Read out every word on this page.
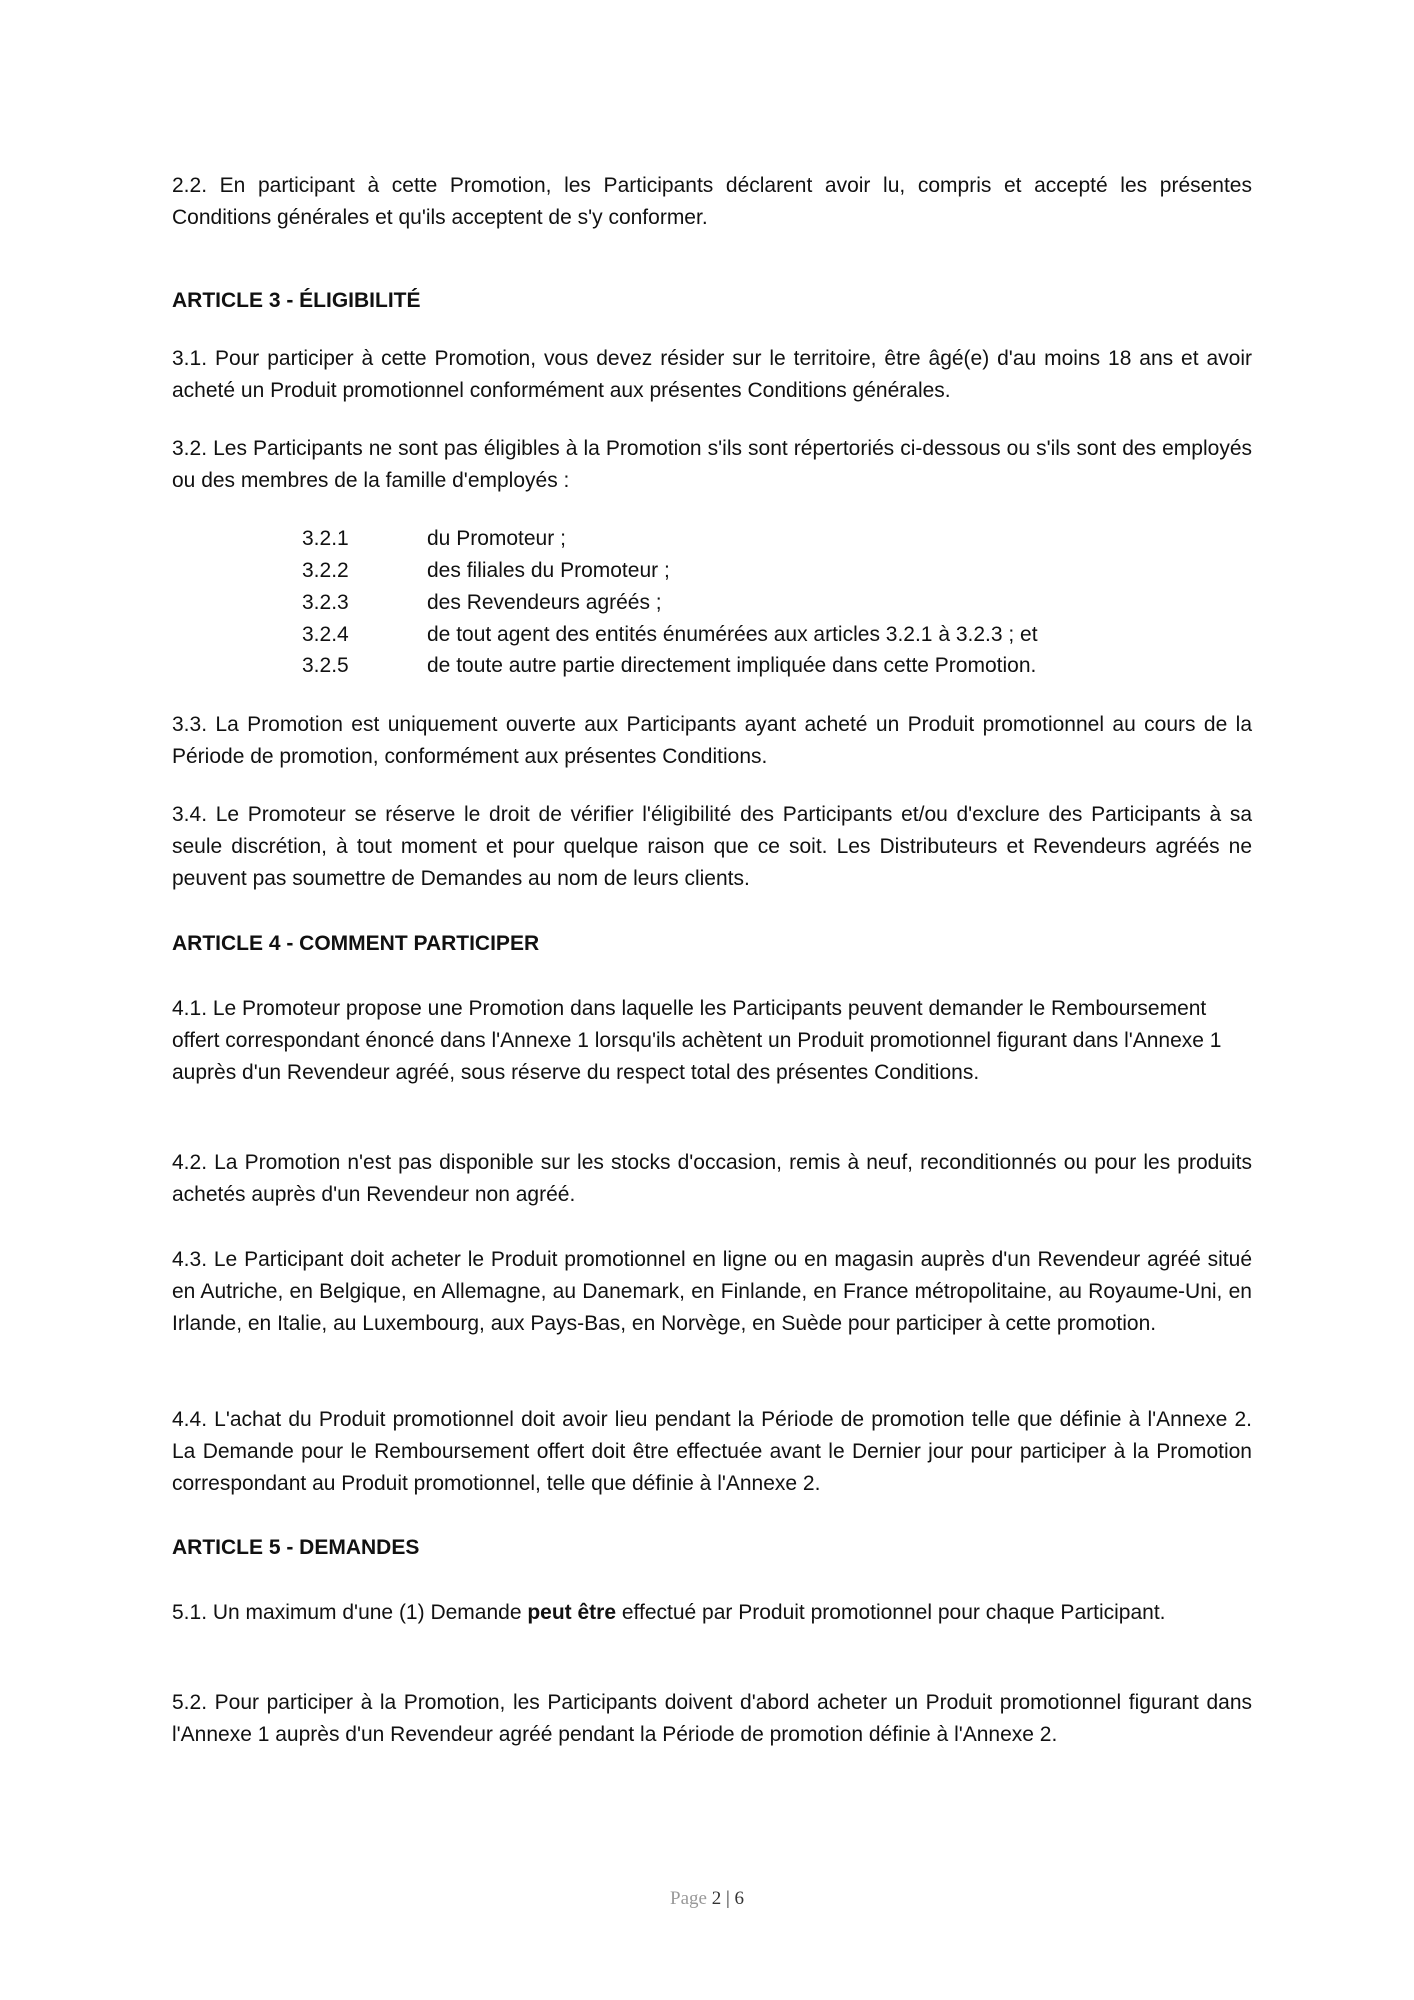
2.2. En participant à cette Promotion, les Participants déclarent avoir lu, compris et accepté les présentes Conditions générales et qu'ils acceptent de s'y conformer.
ARTICLE 3 - ÉLIGIBILITÉ
3.1. Pour participer à cette Promotion, vous devez résider sur le territoire, être âgé(e) d'au moins 18 ans et avoir acheté un Produit promotionnel conformément aux présentes Conditions générales.
3.2. Les Participants ne sont pas éligibles à la Promotion s'ils sont répertoriés ci-dessous ou s'ils sont des employés ou des membres de la famille d'employés :
3.2.1	du Promoteur ;
3.2.2	des filiales du Promoteur ;
3.2.3	des Revendeurs agréés ;
3.2.4	de tout agent des entités énumérées aux articles 3.2.1 à 3.2.3 ; et
3.2.5	de toute autre partie directement impliquée dans cette Promotion.
3.3. La Promotion est uniquement ouverte aux Participants ayant acheté un Produit promotionnel au cours de la Période de promotion, conformément aux présentes Conditions.
3.4. Le Promoteur se réserve le droit de vérifier l'éligibilité des Participants et/ou d'exclure des Participants à sa seule discrétion, à tout moment et pour quelque raison que ce soit. Les Distributeurs et Revendeurs agréés ne peuvent pas soumettre de Demandes au nom de leurs clients.
ARTICLE 4 - COMMENT PARTICIPER
4.1. Le Promoteur propose une Promotion dans laquelle les Participants peuvent demander le Remboursement offert correspondant énoncé dans l'Annexe 1 lorsqu'ils achètent un Produit promotionnel figurant dans l'Annexe 1 auprès d'un Revendeur agréé, sous réserve du respect total des présentes Conditions.
4.2. La Promotion n'est pas disponible sur les stocks d'occasion, remis à neuf, reconditionnés ou pour les produits achetés auprès d'un Revendeur non agréé.
4.3. Le Participant doit acheter le Produit promotionnel en ligne ou en magasin auprès d'un Revendeur agréé situé en Autriche, en Belgique, en Allemagne, au Danemark, en Finlande, en France métropolitaine, au Royaume-Uni, en Irlande, en Italie, au Luxembourg, aux Pays-Bas, en Norvège, en Suède pour participer à cette promotion.
4.4. L'achat du Produit promotionnel doit avoir lieu pendant la Période de promotion telle que définie à l'Annexe 2. La Demande pour le Remboursement offert doit être effectuée avant le Dernier jour pour participer à la Promotion correspondant au Produit promotionnel, telle que définie à l'Annexe 2.
ARTICLE 5 - DEMANDES
5.1. Un maximum d'une (1) Demande peut être effectué par Produit promotionnel pour chaque Participant.
5.2. Pour participer à la Promotion, les Participants doivent d'abord acheter un Produit promotionnel figurant dans l'Annexe 1 auprès d'un Revendeur agréé pendant la Période de promotion définie à l'Annexe 2.
Page 2 | 6
